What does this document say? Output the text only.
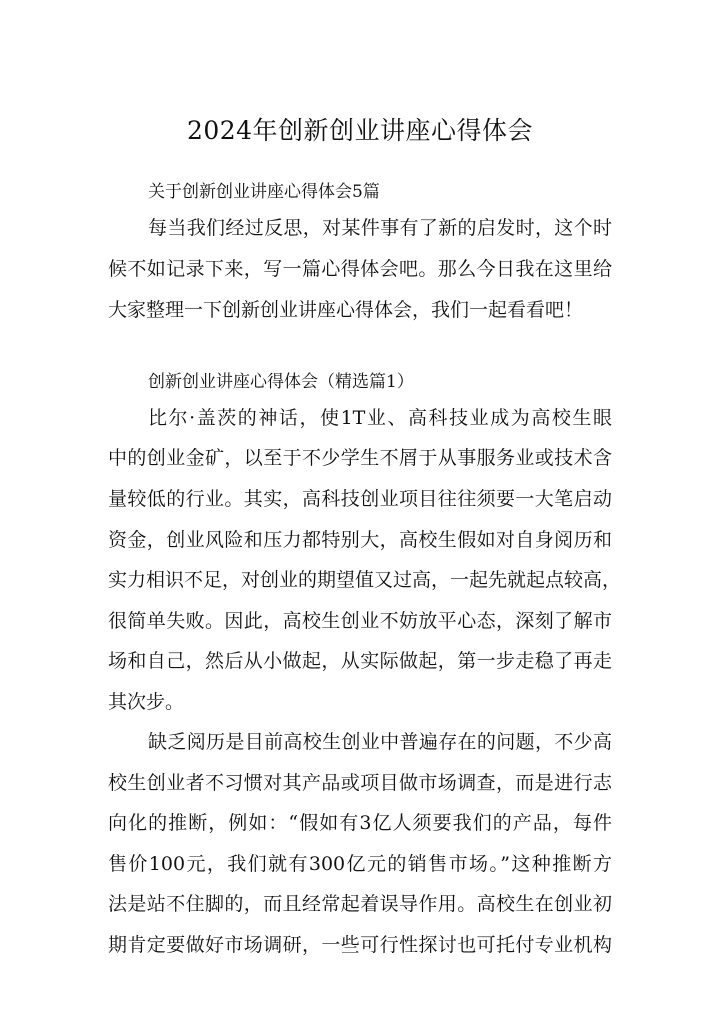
2024年创新创业讲座心得体会
关于创新创业讲座心得体会5篇

每当我们经过反思，对某件事有了新的启发时，这个时

候不如记录下来，写一篇心得体会吧。那么今日我在这里给

大家整理一下创新创业讲座心得体会，我们一起看看吧！

创新创业讲座心得体会（精选篇1）

比尔·盖茨的神话，使1T业、高科技业成为高校生眼

中的创业金矿，以至于不少学生不屑于从事服务业或技术含

量较低的行业。其实，高科技创业项目往往须要一大笔启动

资金，创业风险和压力都特别大，高校生假如对自身阅历和

实力相识不足，对创业的期望值又过高，一起先就起点较高，

很简单失败。因此，高校生创业不妨放平心态，深刻了解市

场和自己，然后从小做起，从实际做起，第一步走稳了再走

其次步。

缺乏阅历是目前高校生创业中普遍存在的问题，不少高

校生创业者不习惯对其产品或项目做市场调查，而是进行志

向化的推断，例如：“假如有3亿人须要我们的产品，每件

售价100元，我们就有300亿元的销售市场。”这种推断方

法是站不住脚的，而且经常起着误导作用。高校生在创业初

期肯定要做好市场调研，一些可行性探讨也可托付专业机构
